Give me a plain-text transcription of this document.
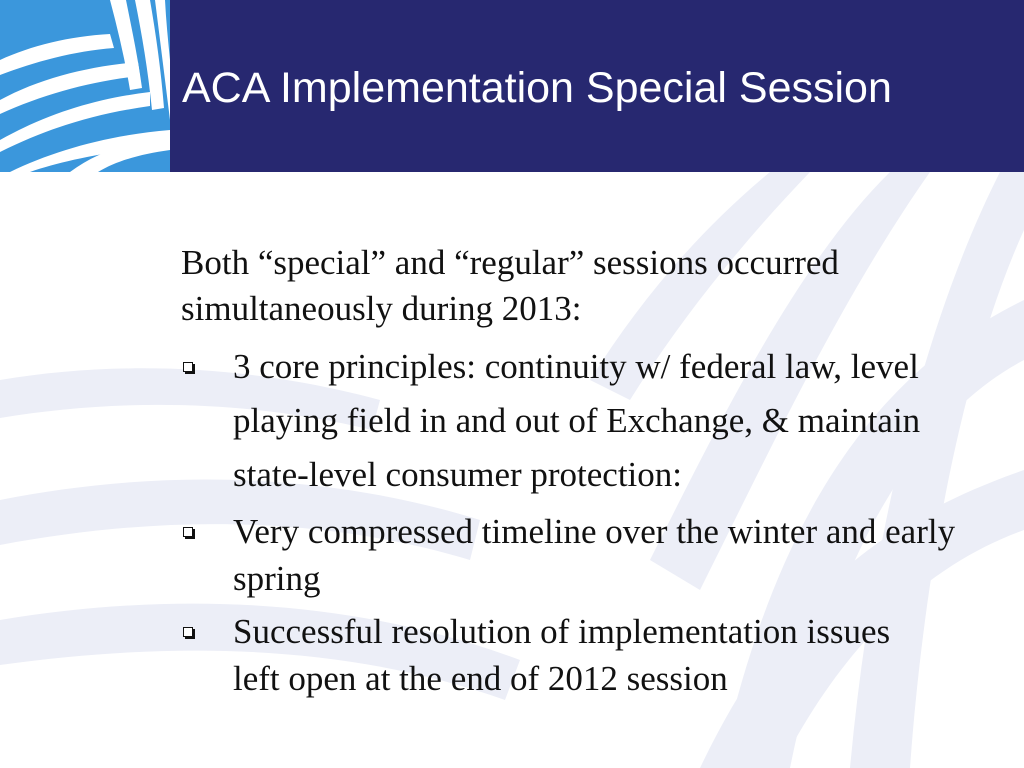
ACA Implementation Special Session

Both “special” and “regular” sessions occurred simultaneously during 2013:

3 core principles: continuity w/ federal law, level playing field in and out of Exchange, & maintain state-level consumer protection:
Very compressed timeline over the winter and early spring
Successful resolution of implementation issues left open at the end of 2012 session
